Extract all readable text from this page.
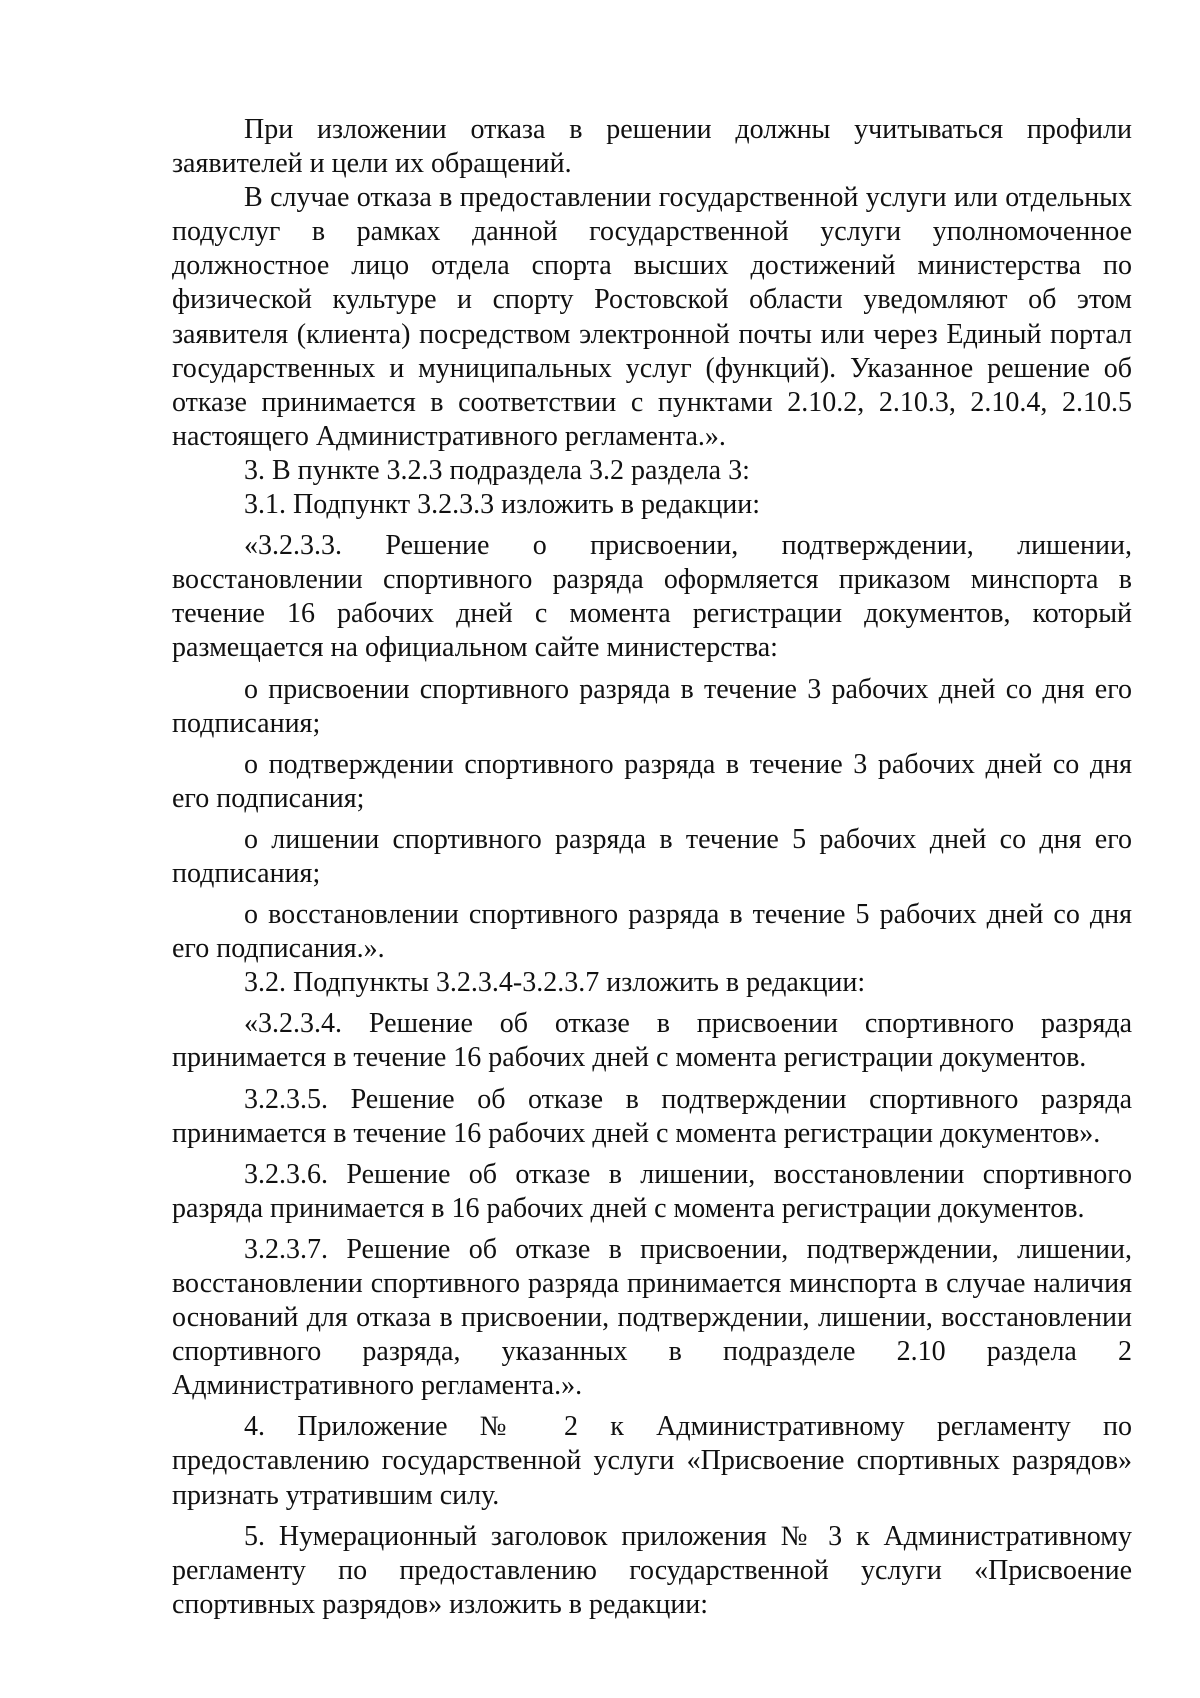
При изложении отказа в решении должны учитываться профили заявителей и цели их обращений.

В случае отказа в предоставлении государственной услуги или отдельных подуслуг в рамках данной государственной услуги уполномоченное должностное лицо отдела спорта высших достижений министерства по физической культуре и спорту Ростовской области уведомляют об этом заявителя (клиента) посредством электронной почты или через Единый портал государственных и муниципальных услуг (функций). Указанное решение об отказе принимается в соответствии с пунктами 2.10.2, 2.10.3, 2.10.4, 2.10.5 настоящего Административного регламента.».

3. В пункте 3.2.3 подраздела 3.2 раздела 3:

3.1. Подпункт 3.2.3.3 изложить в редакции:

«3.2.3.3. Решение о присвоении, подтверждении, лишении, восстановлении спортивного разряда оформляется приказом минспорта в течение 16 рабочих дней с момента регистрации документов, который размещается на официальном сайте министерства:

о присвоении спортивного разряда в течение 3 рабочих дней со дня его подписания;

о подтверждении спортивного разряда в течение 3 рабочих дней со дня его подписания;

о лишении спортивного разряда в течение 5 рабочих дней со дня его подписания;

о восстановлении спортивного разряда в течение 5 рабочих дней со дня его подписания.».

3.2. Подпункты 3.2.3.4-3.2.3.7 изложить в редакции:

«3.2.3.4. Решение об отказе в присвоении спортивного разряда принимается в течение 16 рабочих дней с момента регистрации документов.

3.2.3.5. Решение об отказе в подтверждении спортивного разряда принимается в течение 16 рабочих дней с момента регистрации документов».

3.2.3.6. Решение об отказе в лишении, восстановлении спортивного разряда принимается в 16 рабочих дней с момента регистрации документов.

3.2.3.7. Решение об отказе в присвоении, подтверждении, лишении, восстановлении спортивного разряда принимается минспорта в случае наличия оснований для отказа в присвоении, подтверждении, лишении, восстановлении спортивного разряда, указанных в подразделе 2.10 раздела 2 Административного регламента.».

4. Приложение № 2 к Административному регламенту по предоставлению государственной услуги «Присвоение спортивных разрядов» признать утратившим силу.

5. Нумерационный заголовок приложения № 3 к Административному регламенту по предоставлению государственной услуги «Присвоение спортивных разрядов» изложить в редакции:
